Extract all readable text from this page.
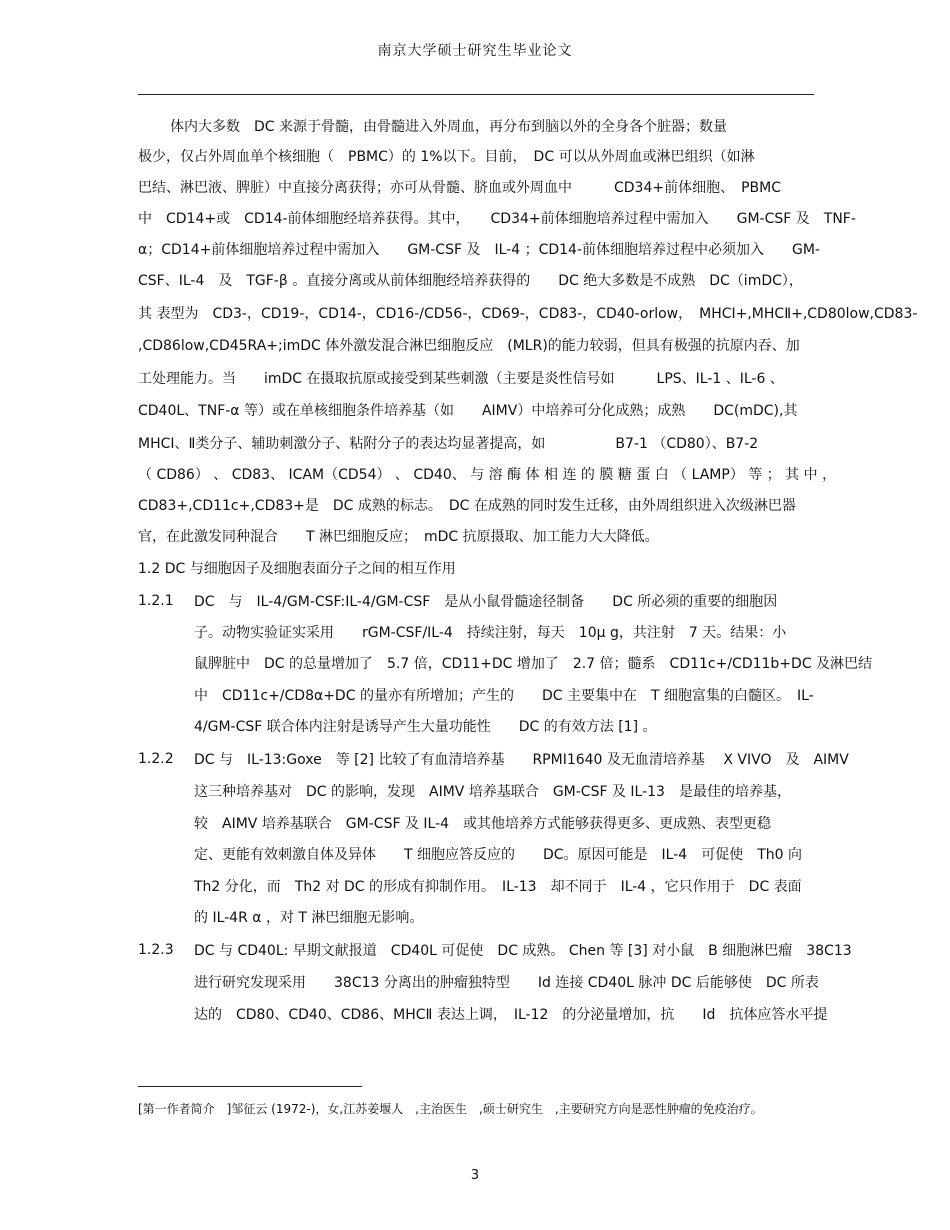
南京大学硕士研究生毕业论文
体内大多数　DC 来源于骨髓，由骨髓进入外周血，再分布到脑以外的全身各个脏器；数量
极少，仅占外周血单个核细胞（　PBMC）的 1%以下。目前，　DC 可以从外周血或淋巴组织（如淋
巴结、淋巴液、脾脏）中直接分离获得；亦可从骨髓、脐血或外周血中　　　CD34+前体细胞、　PBMC
中　CD14+或　CD14-前体细胞经培养获得。其中，　　CD34+前体细胞培养过程中需加入　　GM-CSF 及　TNF-
α；CD14+前体细胞培养过程中需加入　　GM-CSF 及　IL-4 ；CD14-前体细胞培养过程中必须加入　　GM-
CSF、IL-4　及　TGF-β 。直接分离或从前体细胞经培养获得的　　DC 绝大多数是不成熟　DC（imDC），
其 表型为　CD3-，CD19-，CD14-，CD16-/CD56-，CD69-，CD83-，CD40-orlow，　MHCⅠ+,MHCⅡ+,CD80low,CD83-
,CD86low,CD45RA+;imDC 体外激发混合淋巴细胞反应　(MLR)的能力较弱，但具有极强的抗原内吞、加
工处理能力。当　　imDC 在摄取抗原或接受到某些刺激（主要是炎性信号如　　　LPS、IL-1 、IL-6 、
CD40L、TNF-α 等）或在单核细胞条件培养基（如　　AIMV）中培养可分化成熟；成熟　　DC(mDC),其
MHCⅠ、Ⅱ类分子、辅助刺激分子、粘附分子的表达均显著提高，如　　　　　B7-1 （CD80）、B7-2
（ CD86） 、 CD83、 ICAM（CD54） 、 CD40、 与 溶 酶 体 相 连 的 膜 糖 蛋 白 （ LAMP） 等 ； 其 中 ，
CD83+,CD11c+,CD83+是　DC 成熟的标志。　DC 在成熟的同时发生迁移，由外周组织进入次级淋巴器
官，在此激发同种混合　　T 淋巴细胞反应；　mDC 抗原摄取、加工能力大大降低。
1.2 DC 与细胞因子及细胞表面分子之间的相互作用
1.2.1 DC　与　IL-4/GM-CSF:IL-4/GM-CSF　是从小鼠骨髓途径制备　　DC 所必须的重要的细胞因
子。动物实验证实采用　　rGM-CSF/IL-4　持续注射，每天　10μ g，共注射　7 天。结果：小
鼠脾脏中　DC 的总量增加了　5.7 倍，CD11+DC 增加了　2.7 倍；髓系　CD11c+/CD11b+DC 及淋巴结
中　CD11c+/CD8α+DC 的量亦有所增加；产生的　　DC 主要集中在　T 细胞富集的白髓区。　IL-
4/GM-CSF 联合体内注射是诱导产生大量功能性　　DC 的有效方法 [1] 。
1.2.2 DC 与　IL-13:Goxe　等 [2] 比较了有血清培养基　　RPMI1640 及无血清培养基　 X VIVO　及　AIMV
这三种培养基对　DC 的影响，发现　AIMV 培养基联合　GM-CSF 及 IL-13　是最佳的培养基，
较　AIMV 培养基联合　GM-CSF 及 IL-4　或其他培养方式能够获得更多、更成熟、表型更稳
定、更能有效刺激自体及异体　　T 细胞应答反应的　　DC。原因可能是　IL-4　可促使　Th0 向
Th2 分化，而　Th2 对 DC 的形成有抑制作用。　IL-13　却不同于　IL-4 ，它只作用于　DC 表面
的 IL-4R α ，对 T 淋巴细胞无影响。
1.2.3 DC 与 CD40L: 早期文献报道　CD40L 可促使　DC 成熟。 Chen 等 [3] 对小鼠　B 细胞淋巴瘤　38C13
进行研究发现采用　　38C13 分离出的肿瘤独特型　　Id 连接 CD40L 脉冲 DC 后能够使　DC 所表
达的　CD80、CD40、CD86、MHCⅡ 表达上调，　IL-12　的分泌量增加，抗　　Id　抗体应答水平提
[第一作者简介　]邹征云 (1972-)，女,江苏姜堰人　,主治医生　,硕士研究生　,主要研究方向是恶性肿瘤的免疫治疗。
3
